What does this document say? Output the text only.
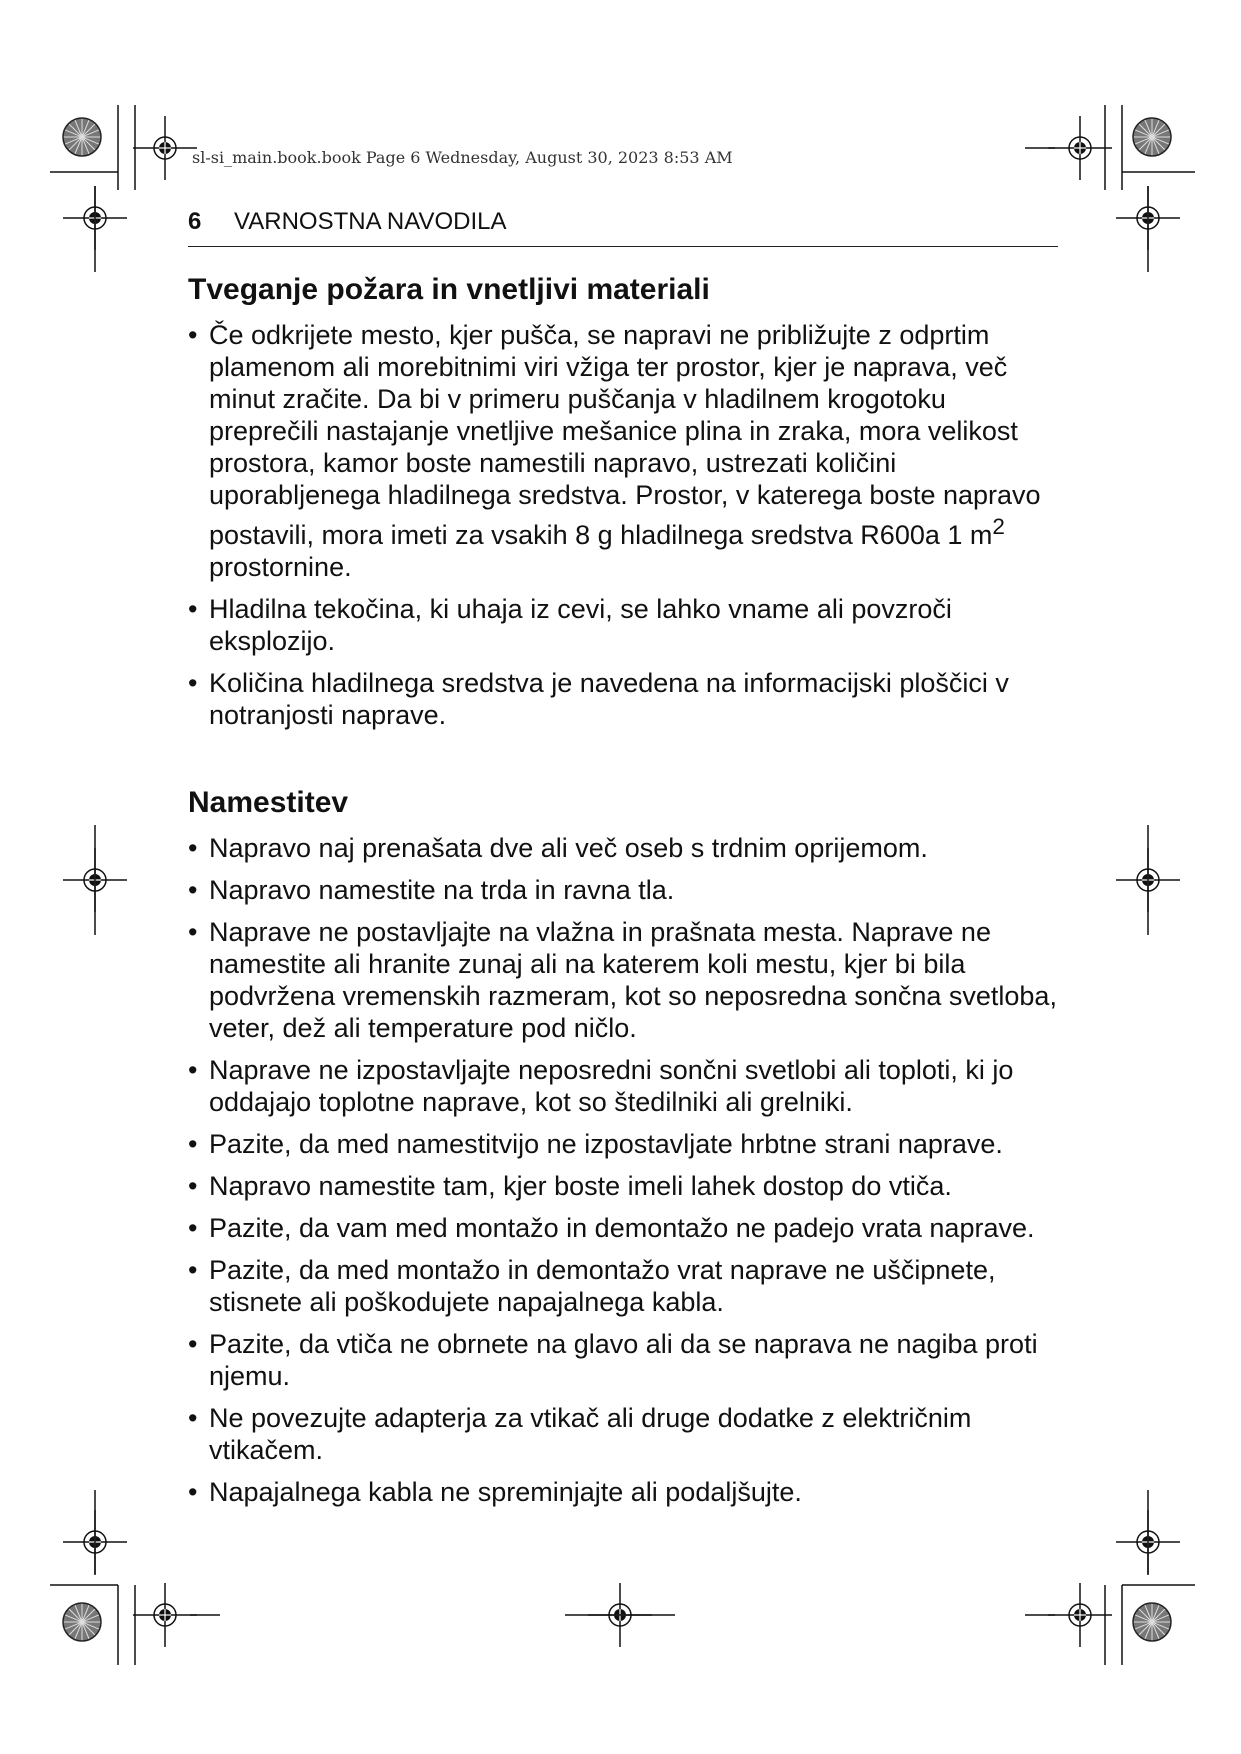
sl-si_main.book.book Page 6 Wednesday, August 30, 2023 8:53 AM
6 VARNOSTNA NAVODILA
Tveganje požara in vnetljivi materiali
• Če odkrijete mesto, kjer pušča, se napravi ne približujte z odprtim plamenom ali morebitnimi viri vžiga ter prostor, kjer je naprava, več minut zračite. Da bi v primeru puščanja v hladilnem krogotoku preprečili nastajanje vnetljive mešanice plina in zraka, mora velikost prostora, kamor boste namestili napravo, ustrezati količini uporabljenega hladilnega sredstva. Prostor, v katerega boste napravo postavili, mora imeti za vsakih 8 g hladilnega sredstva R600a 1 $m^2$ prostornine.
• Hladilna tekočina, ki uhaja iz cevi, se lahko vname ali povzroči eksplozijo.
• Količina hladilnega sredstva je navedena na informacijski ploščici v notranjosti naprave.
Namestitev
• Napravo naj prenašata dve ali več oseb s trdnim oprijemom.
• Napravo namestite na trda in ravna tla.
• Naprave ne postavljajte na vlažna in prašnata mesta. Naprave ne namestite ali hranite zunaj ali na katerem koli mestu, kjer bi bila podvržena vremenskih razmeram, kot so neposredna sončna svetloba, veter, dež ali temperature pod ničlo.
• Naprave ne izpostavljajte neposredni sončni svetlobi ali toploti, ki jo oddajajo toplotne naprave, kot so štedilniki ali grelniki.
• Pazite, da med namestitvijo ne izpostavljate hrbtne strani naprave.
• Napravo namestite tam, kjer boste imeli lahek dostop do vtiča.
• Pazite, da vam med montažo in demontažo ne padejo vrata naprave.
• Pazite, da med montažo in demontažo vrat naprave ne uščipnete, stisnete ali poškodujete napajalnega kabla.
• Pazite, da vtiča ne obrnete na glavo ali da se naprava ne nagiba proti njemu.
• Ne povezujte adapterja za vtikač ali druge dodatke z električnim vtikačem.
• Napajalnega kabla ne spreminjajte ali podaljšujte.
